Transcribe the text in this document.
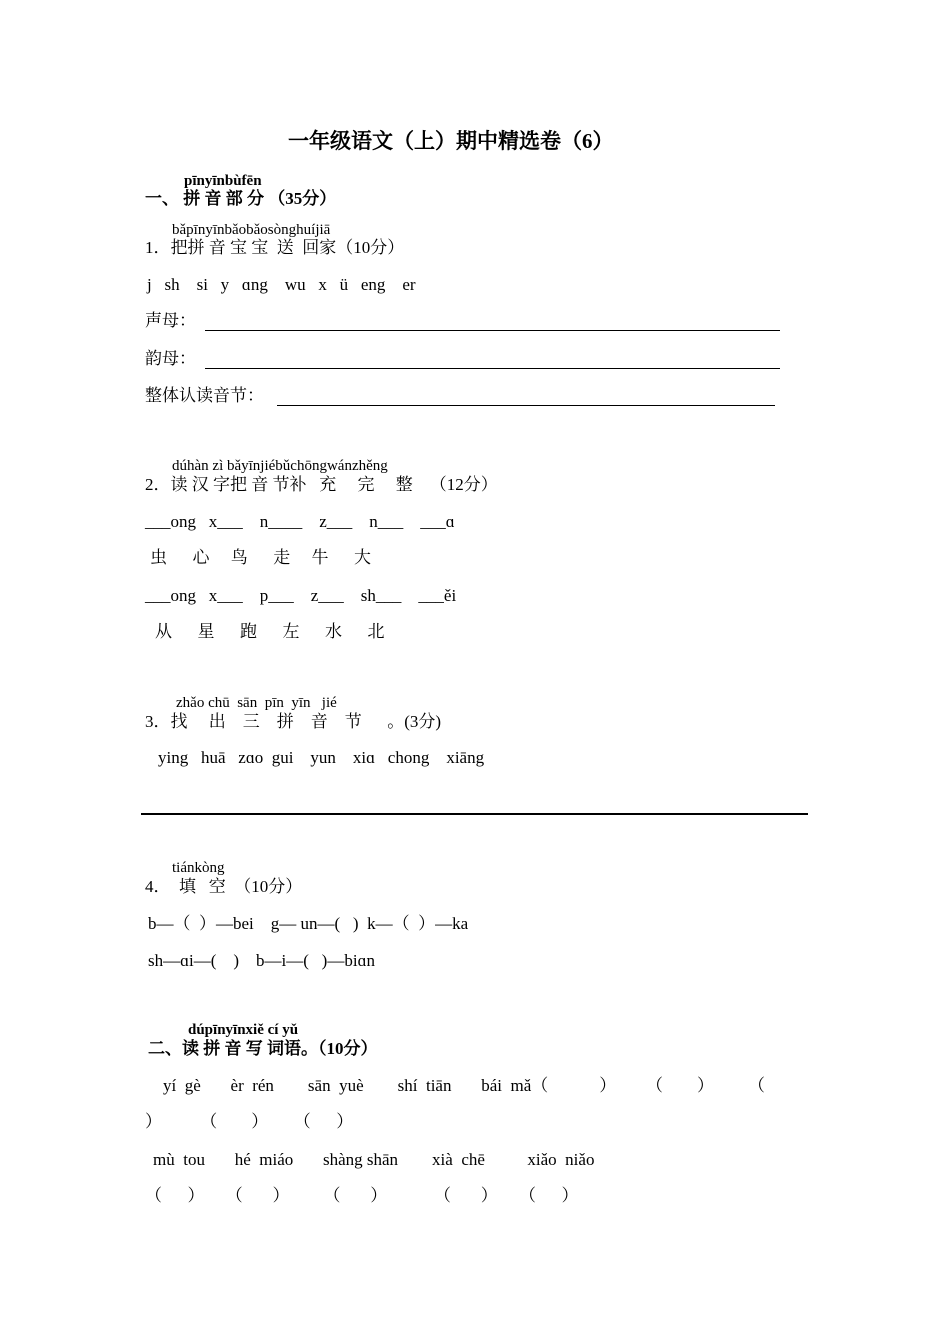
一年级语文（上）期中精选卷（6）
pīnyīnbùfēn
一、 拼 音 部 分 （35分）
bǎpīnyīnbǎobǎosònghuíjiā
1．把拼 音 宝 宝  送  回家（10分）
j   sh    si   y   ɑng    wu   x   ü   eng    er
声母：
韵母：
整体认读音节：
dúhàn zì bǎyīnjiébǔchōngwánzhěng
2．读 汉 字把 音 节补   充     完     整    （12分）
___ong   x___    n____    z___    n___    ___ɑ
虫      心     鸟      走     牛      大
___ong   x___    p___    z___    sh___    ___ěi
从      星      跑      左      水      北
zhǎo chū  sān  pīn  yīn   jié
3．找     出    三    拼    音    节      。(3分)
ying   huā   zɑo  gui    yun    xiɑ   chong    xiāng
tiánkòng
4．  填   空  （10分）
b—（  ）—bei    g— un—(   )  k—（  ）—ka
sh—ɑi—(    )    b—i—(   )—biɑn
dúpīnyīnxiě cí yǔ
二、读 拼 音 写 词语。（10分）
yí  gè       èr  rén        sān  yuè        shí  tiān       bái  mǎ（            ）       （        ）        （
）         （        ）      （      ）
mù  tou       hé  miáo       shàng shān        xià  chē          xiǎo  niǎo
（      ）     （       ）        （       ）           （       ）     （      ）
